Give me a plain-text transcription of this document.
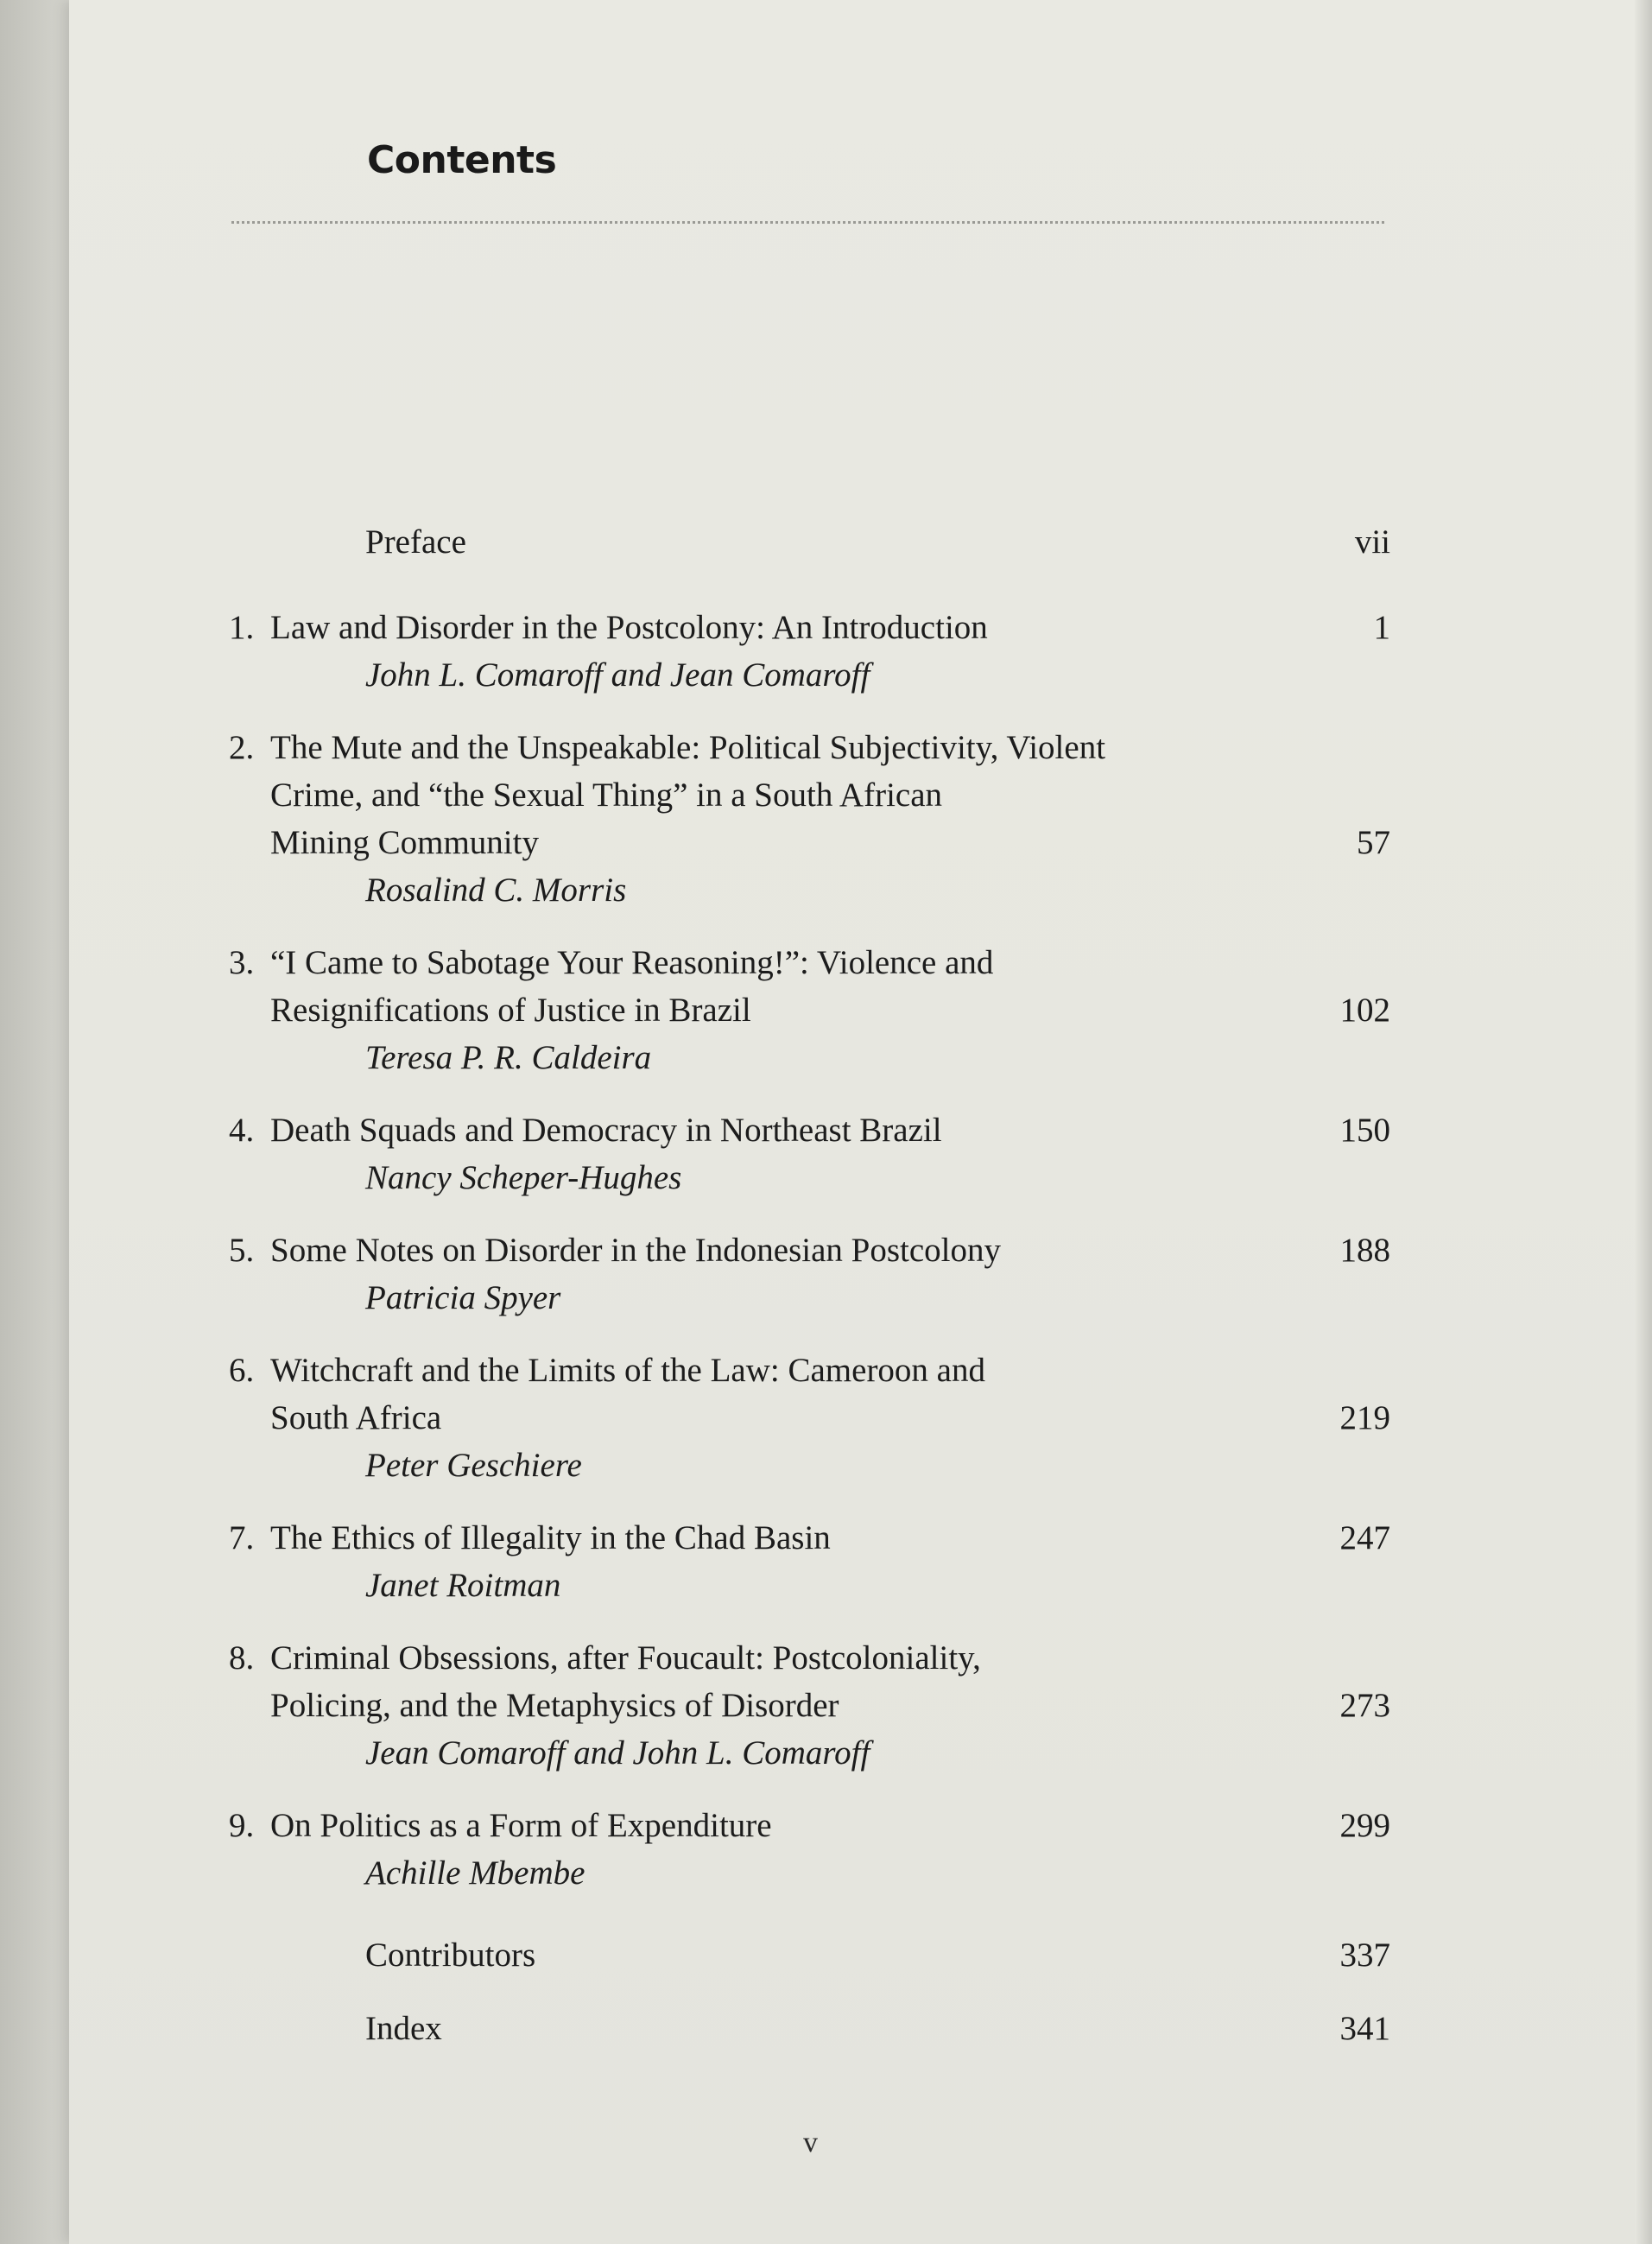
Contents
Preface	vii
1. Law and Disorder in the Postcolony: An Introduction	1
John L. Comaroff and Jean Comaroff
2. The Mute and the Unspeakable: Political Subjectivity, Violent
Crime, and “the Sexual Thing” in a South African
Mining Community	57
Rosalind C. Morris
3. “I Came to Sabotage Your Reasoning!”: Violence and
Resignifications of Justice in Brazil	102
Teresa P. R. Caldeira
4. Death Squads and Democracy in Northeast Brazil	150
Nancy Scheper-Hughes
5. Some Notes on Disorder in the Indonesian Postcolony	188
Patricia Spyer
6. Witchcraft and the Limits of the Law: Cameroon and
South Africa	219
Peter Geschiere
7. The Ethics of Illegality in the Chad Basin	247
Janet Roitman
8. Criminal Obsessions, after Foucault: Postcoloniality,
Policing, and the Metaphysics of Disorder	273
Jean Comaroff and John L. Comaroff
9. On Politics as a Form of Expenditure	299
Achille Mbembe
Contributors	337
Index	341
v
